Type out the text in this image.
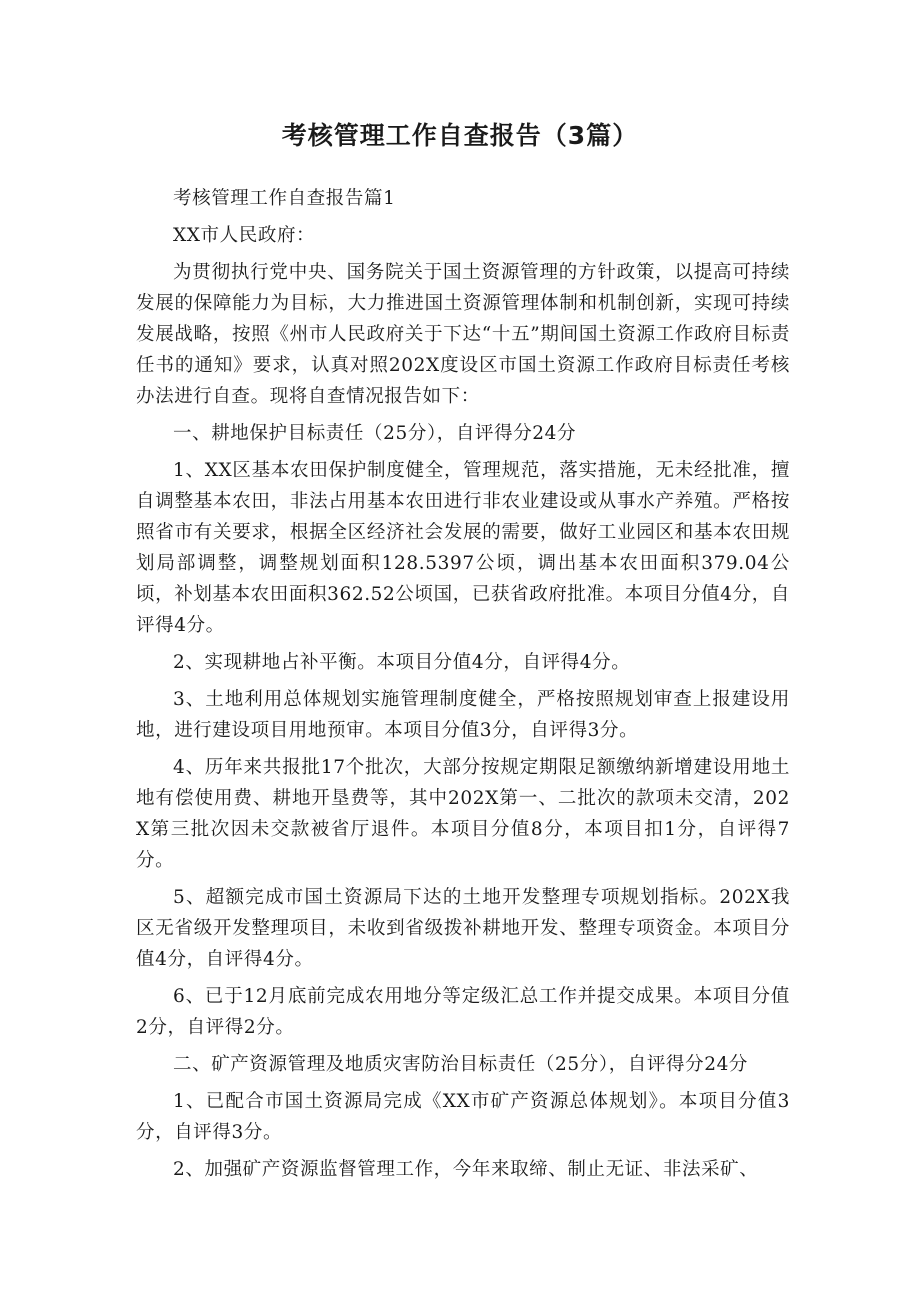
考核管理工作自查报告（3篇）

考核管理工作自查报告篇1

XX市人民政府：

为贯彻执行党中央、国务院关于国土资源管理的方针政策，以提高可持续发展的保障能力为目标，大力推进国土资源管理体制和机制创新，实现可持续发展战略，按照《州市人民政府关于下达“十五”期间国土资源工作政府目标责任书的通知》要求，认真对照202X度设区市国土资源工作政府目标责任考核办法进行自查。现将自查情况报告如下：

一、耕地保护目标责任（25分），自评得分24分

1、XX区基本农田保护制度健全，管理规范，落实措施，无未经批准，擅自调整基本农田，非法占用基本农田进行非农业建设或从事水产养殖。严格按照省市有关要求，根据全区经济社会发展的需要，做好工业园区和基本农田规划局部调整，调整规划面积128.5397公顷，调出基本农田面积379.04公顷，补划基本农田面积362.52公顷国，已获省政府批准。本项目分值4分，自评得4分。

2、实现耕地占补平衡。本项目分值4分，自评得4分。

3、土地利用总体规划实施管理制度健全，严格按照规划审查上报建设用地，进行建设项目用地预审。本项目分值3分，自评得3分。

4、历年来共报批17个批次，大部分按规定期限足额缴纳新增建设用地土地有偿使用费、耕地开垦费等，其中202X第一、二批次的款项未交清，202X第三批次因未交款被省厅退件。本项目分值8分，本项目扣1分，自评得7分。

5、超额完成市国土资源局下达的土地开发整理专项规划指标。202X我区无省级开发整理项目，未收到省级拨补耕地开发、整理专项资金。本项目分值4分，自评得4分。

6、已于12月底前完成农用地分等定级汇总工作并提交成果。本项目分值2分，自评得2分。

二、矿产资源管理及地质灾害防治目标责任（25分），自评得分24分

1、已配合市国土资源局完成《XX市矿产资源总体规划》。本项目分值3分，自评得3分。

2、加强矿产资源监督管理工作，今年来取缔、制止无证、非法采矿、
